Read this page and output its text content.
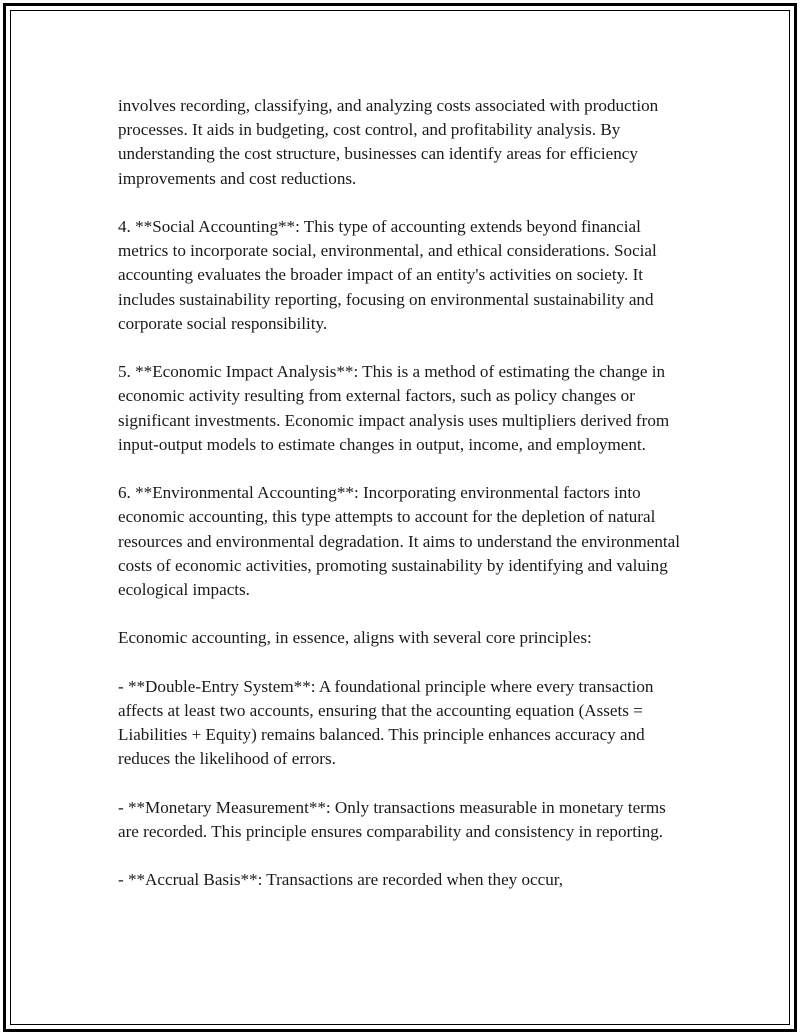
involves recording, classifying, and analyzing costs associated with production processes. It aids in budgeting, cost control, and profitability analysis. By understanding the cost structure, businesses can identify areas for efficiency improvements and cost reductions.

4. **Social Accounting**: This type of accounting extends beyond financial metrics to incorporate social, environmental, and ethical considerations. Social accounting evaluates the broader impact of an entity's activities on society. It includes sustainability reporting, focusing on environmental sustainability and corporate social responsibility.

5. **Economic Impact Analysis**: This is a method of estimating the change in economic activity resulting from external factors, such as policy changes or significant investments. Economic impact analysis uses multipliers derived from input-output models to estimate changes in output, income, and employment.

6. **Environmental Accounting**: Incorporating environmental factors into economic accounting, this type attempts to account for the depletion of natural resources and environmental degradation. It aims to understand the environmental costs of economic activities, promoting sustainability by identifying and valuing ecological impacts.

Economic accounting, in essence, aligns with several core principles:

- **Double-Entry System**: A foundational principle where every transaction affects at least two accounts, ensuring that the accounting equation (Assets = Liabilities + Equity) remains balanced. This principle enhances accuracy and reduces the likelihood of errors.

- **Monetary Measurement**: Only transactions measurable in monetary terms are recorded. This principle ensures comparability and consistency in reporting.

- **Accrual Basis**: Transactions are recorded when they occur,
